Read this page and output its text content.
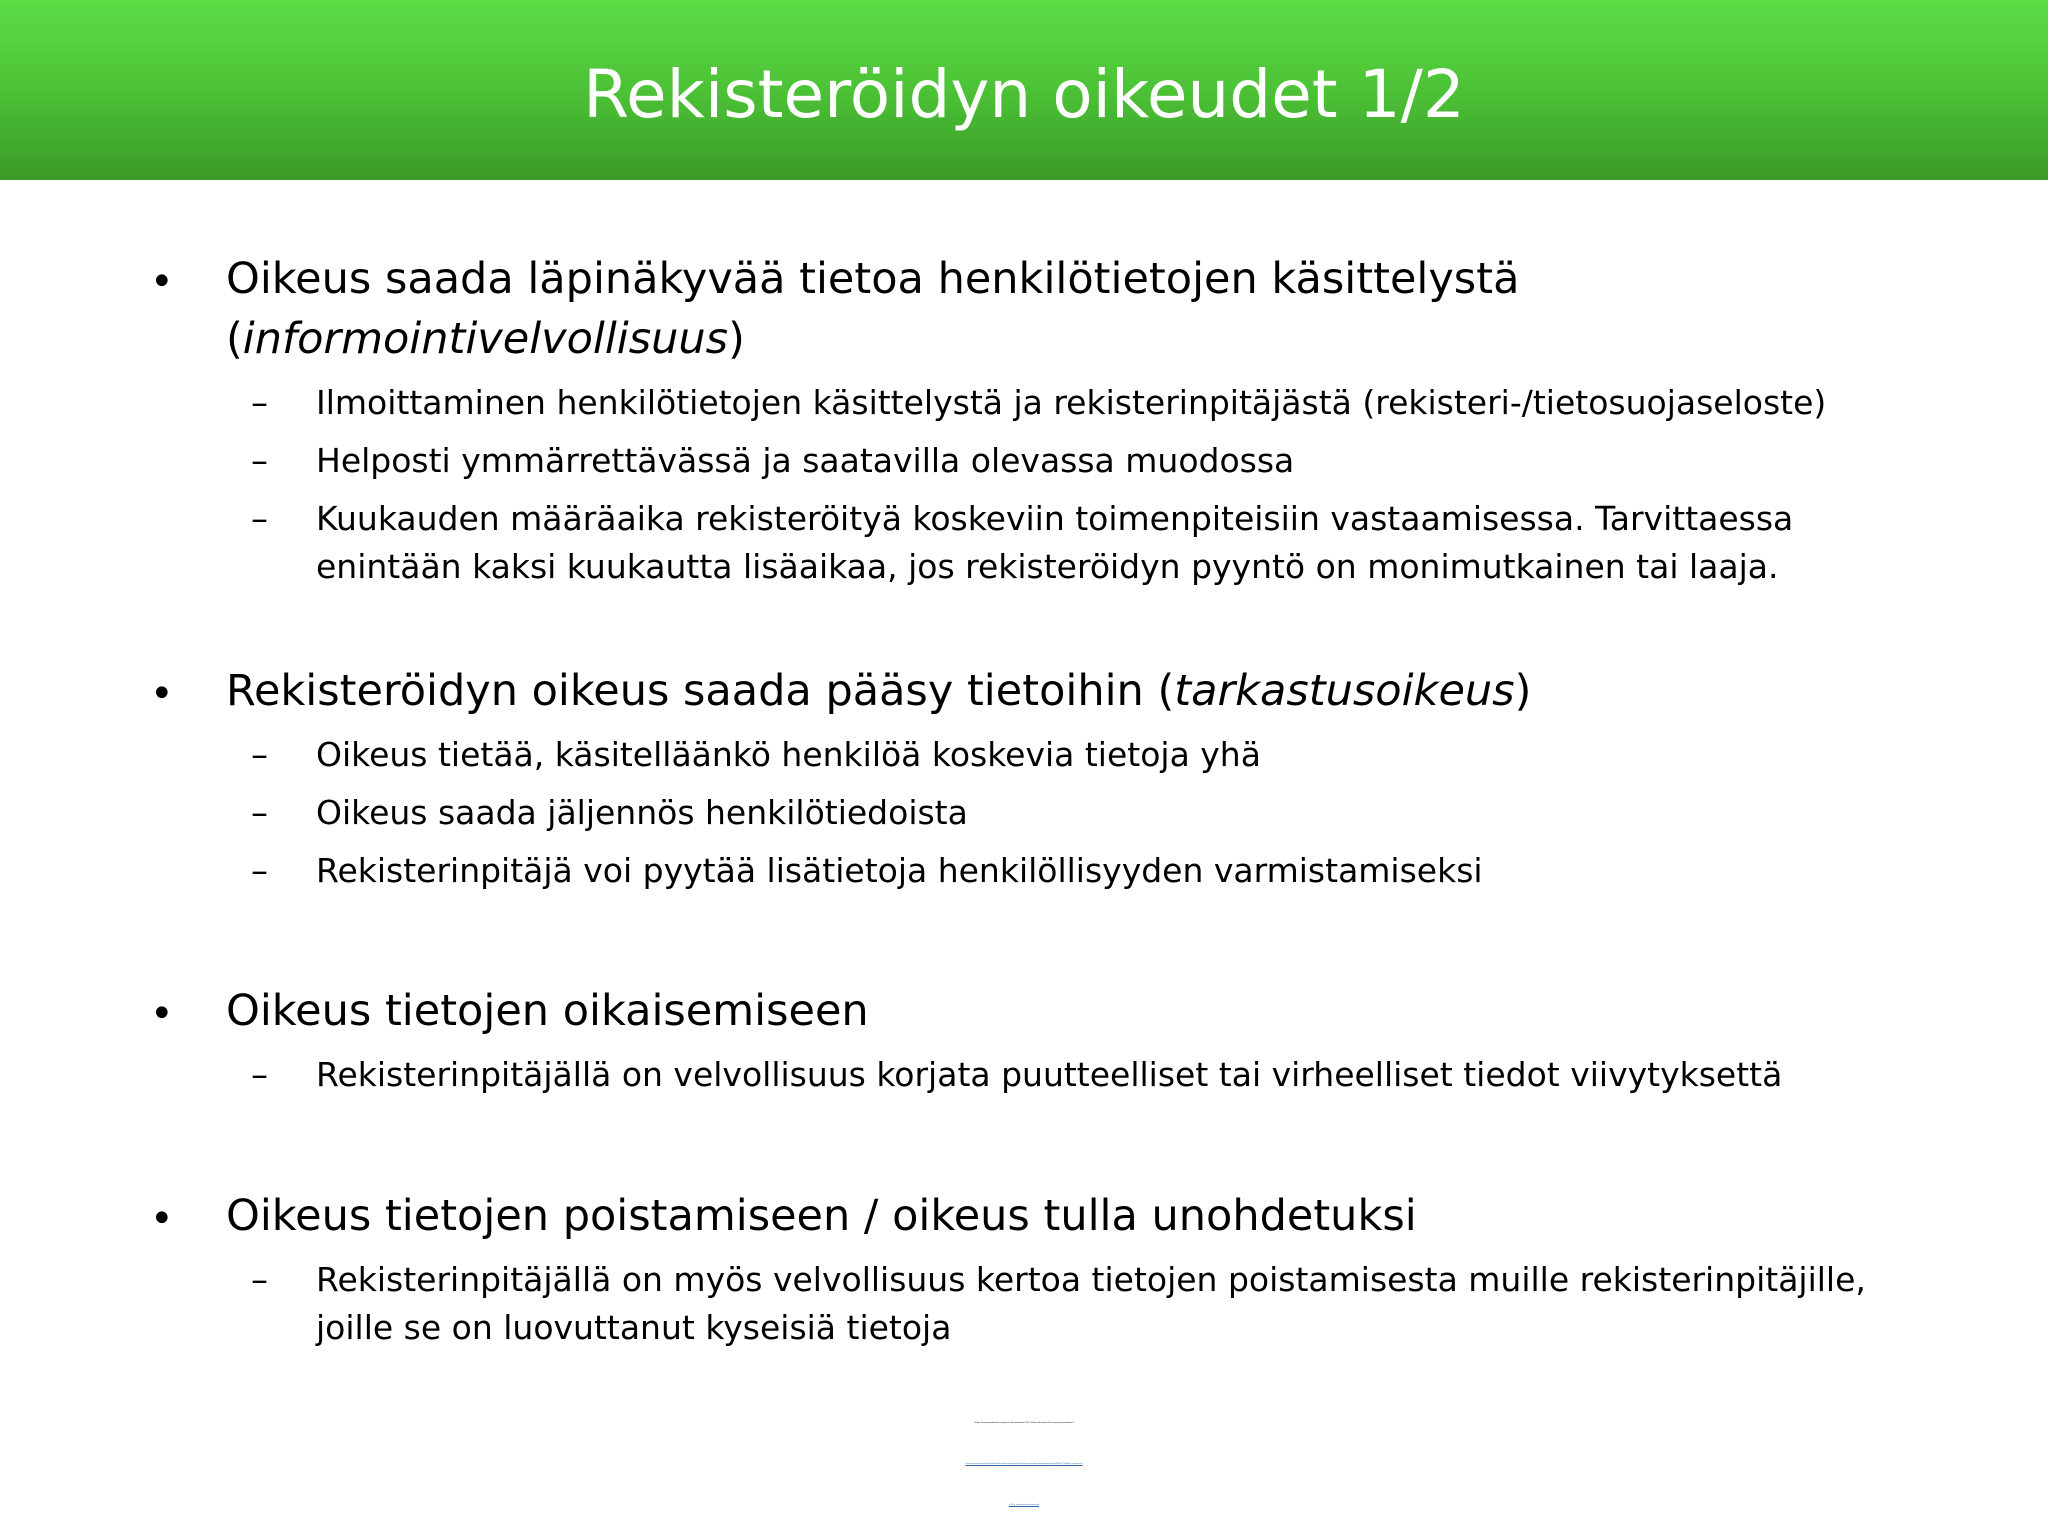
Rekisteröidyn oikeudet 1/2
• Oikeus saada läpinäkyvää tietoa henkilötietojen käsittelystä
(informointivelvollisuus)
– Ilmoittaminen henkilötietojen käsittelystä ja rekisterinpitäjästä (rekisteri-/tietosuojaseloste)
– Helposti ymmärrettävässä ja saatavilla olevassa muodossa
– Kuukauden määräaika rekisteröityä koskeviin toimenpiteisiin vastaamisessa. Tarvittaessa
enintään kaksi kuukautta lisäaikaa, jos rekisteröidyn pyyntö on monimutkainen tai laaja.
• Rekisteröidyn oikeus saada pääsy tietoihin (tarkastusoikeus)
– Oikeus tietää, käsitelläänkö henkilöä koskevia tietoja yhä
– Oikeus saada jäljennös henkilötiedoista
– Rekisterinpitäjä voi pyytää lisätietoja henkilöllisyyden varmistamiseksi
• Oikeus tietojen oikaisemiseen
– Rekisterinpitäjällä on velvollisuus korjata puutteelliset tai virheelliset tiedot viivytyksettä
• Oikeus tietojen poistamiseen / oikeus tulla unohdetuksi
– Rekisterinpitäjällä on myös velvollisuus kertoa tietojen poistamisesta muille rekisterinpitäjille,
joille se on luovuttanut kyseisiä tietoja
Lähde: Tietosuojavaltuutetun toimisto ja Oikeusministeriö, 2017, Miten valmistautua EU:n tietosuoja-asetukseen?
http://www.tietosuoja.fi/material/attachments/tietosuojavaltuutettu/tietosuojavaltuutetuntoimisto/oppaat/1Em8rT7IF/Miten_valmistautu
a_EUn_tietosuoja-asetukseen.pdf
